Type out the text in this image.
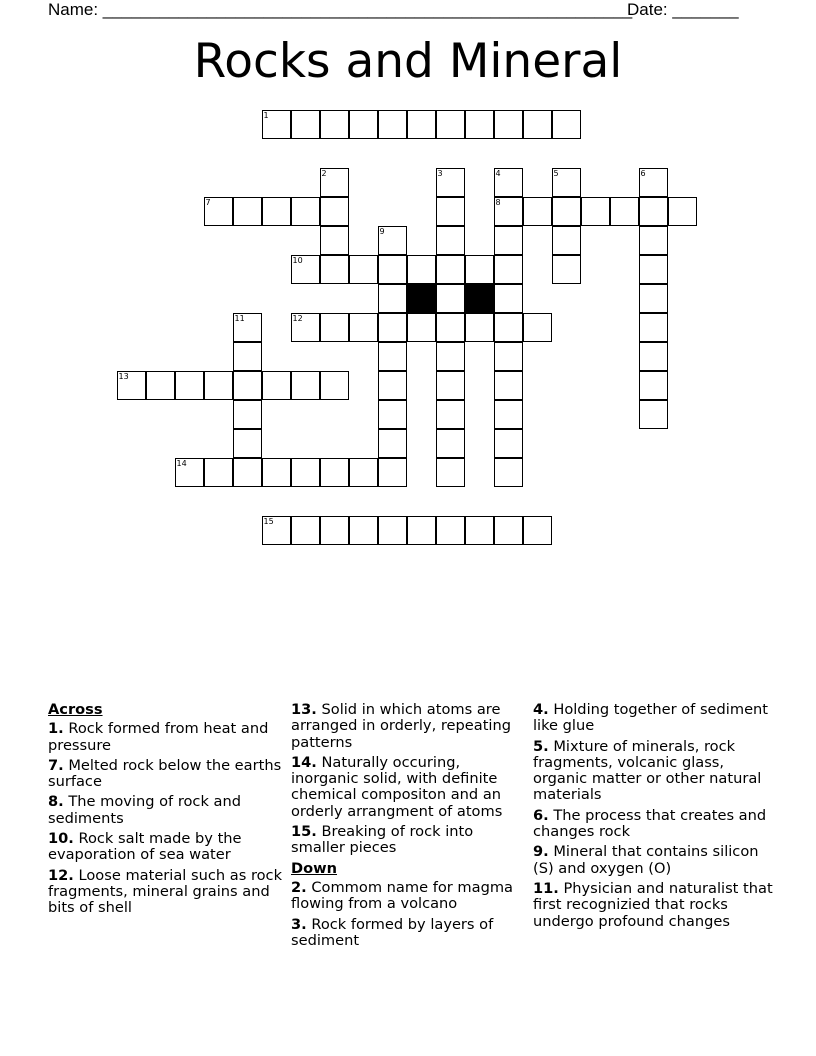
Name: ________________________________________________________
Date: _______
Rocks and Mineral
1
2	3	4	5	6
7	8
9
10
11	12
13
14
15
Across
1. Rock formed from heat and pressure
7. Melted rock below the earths surface
8. The moving of rock and sediments
10. Rock salt made by the evaporation of sea water
12. Loose material such as rock fragments, mineral grains and bits of shell
13. Solid in which atoms are arranged in orderly, repeating patterns
14. Naturally occuring, inorganic solid, with definite chemical compositon and an orderly arrangment of atoms
15. Breaking of rock into smaller pieces
Down
2. Commom name for magma flowing from a volcano
3. Rock formed by layers of sediment
4. Holding together of sediment like glue
5. Mixture of minerals, rock fragments, volcanic glass, organic matter or other natural materials
6. The process that creates and changes rock
9. Mineral that contains silicon (S) and oxygen (O)
11. Physician and naturalist that first recognizied that rocks undergo profound changes
